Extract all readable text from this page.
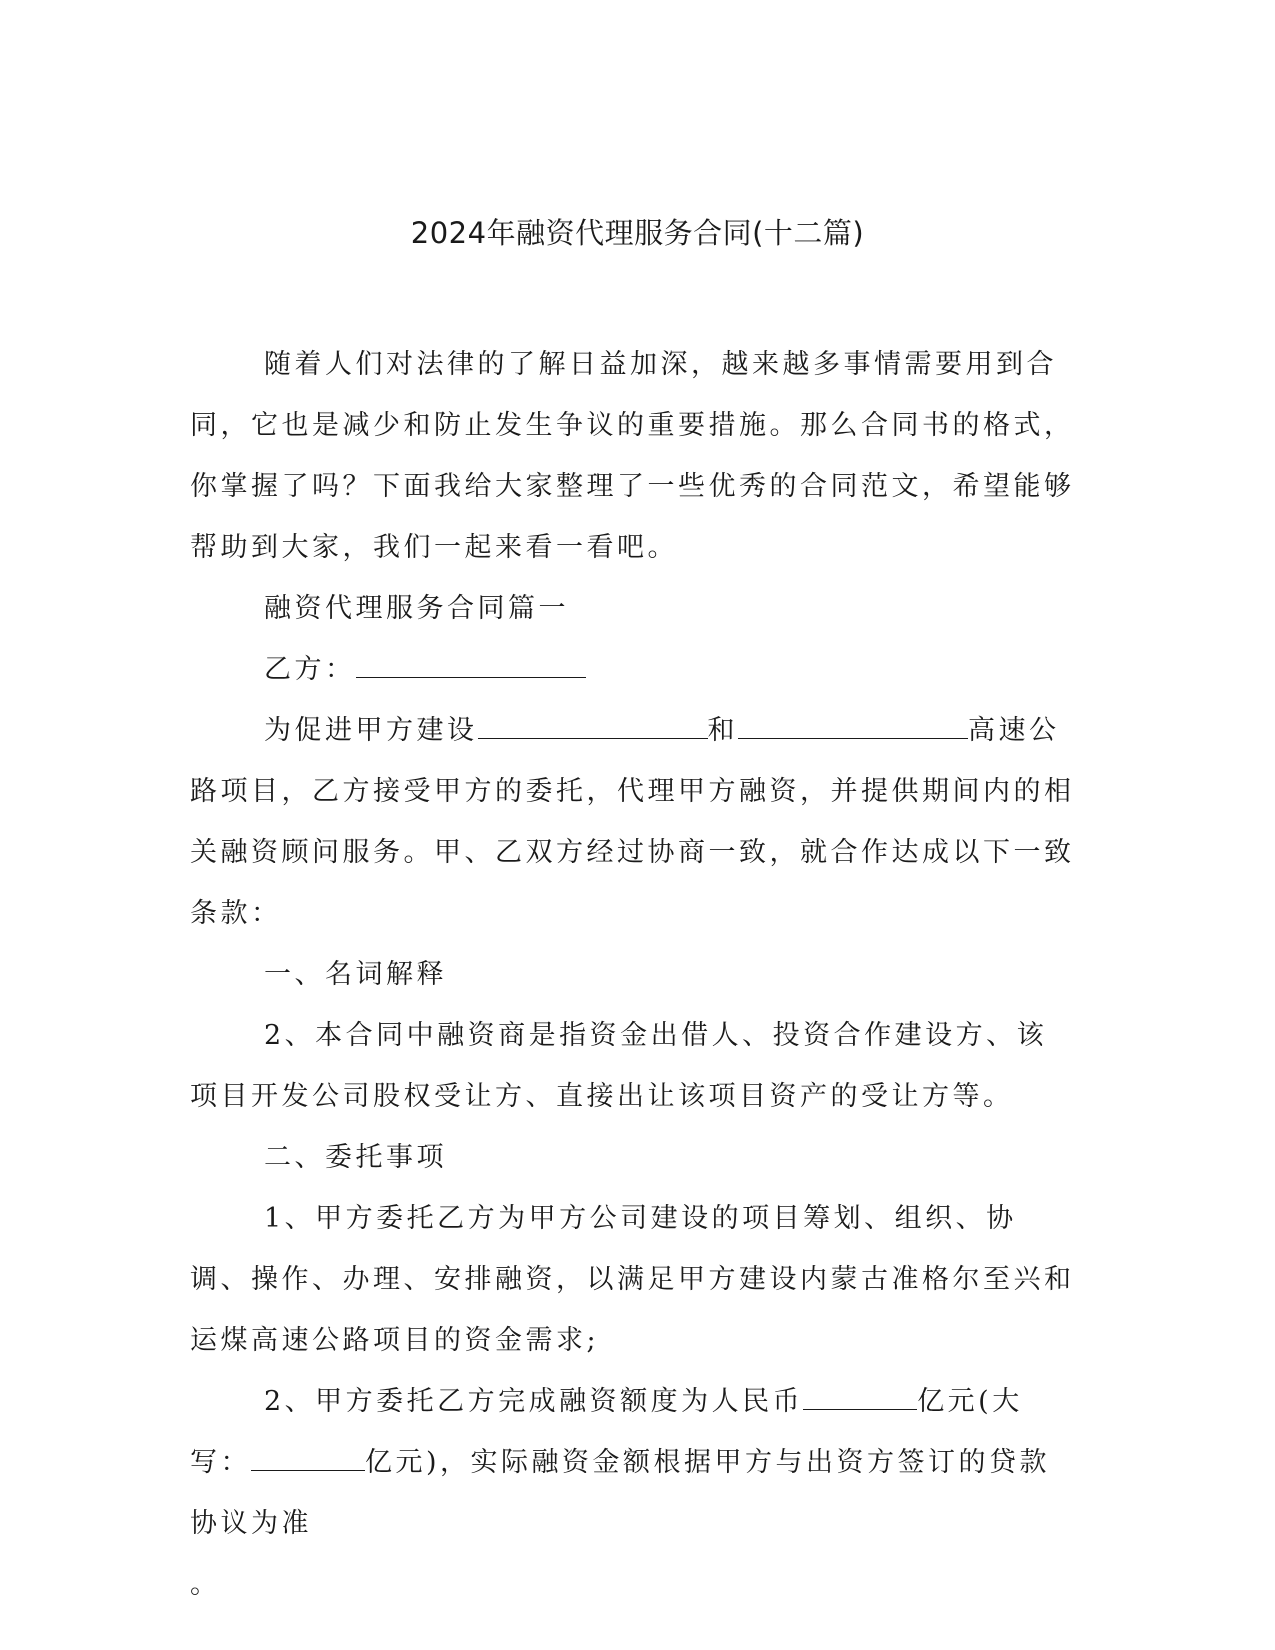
2024年融资代理服务合同(十二篇)

随着人们对法律的了解日益加深，越来越多事情需要用到合同，它也是减少和防止发生争议的重要措施。那么合同书的格式，你掌握了吗？下面我给大家整理了一些优秀的合同范文，希望能够帮助到大家，我们一起来看一看吧。

融资代理服务合同篇一

乙方：

为促进甲方建设	和	高速公路项目，乙方接受甲方的委托，代理甲方融资，并提供期间内的相关融资顾问服务。甲、乙双方经过协商一致，就合作达成以下一致条款：

一、名词解释

2、本合同中融资商是指资金出借人、投资合作建设方、该项目开发公司股权受让方、直接出让该项目资产的受让方等。

二、委托事项

1、甲方委托乙方为甲方公司建设的项目筹划、组织、协调、操作、办理、安排融资，以满足甲方建设内蒙古准格尔至兴和运煤高速公路项目的资金需求;

2、甲方委托乙方完成融资额度为人民币	亿元(大写：	亿元)，实际融资金额根据甲方与出资方签订的贷款协议为准

。
